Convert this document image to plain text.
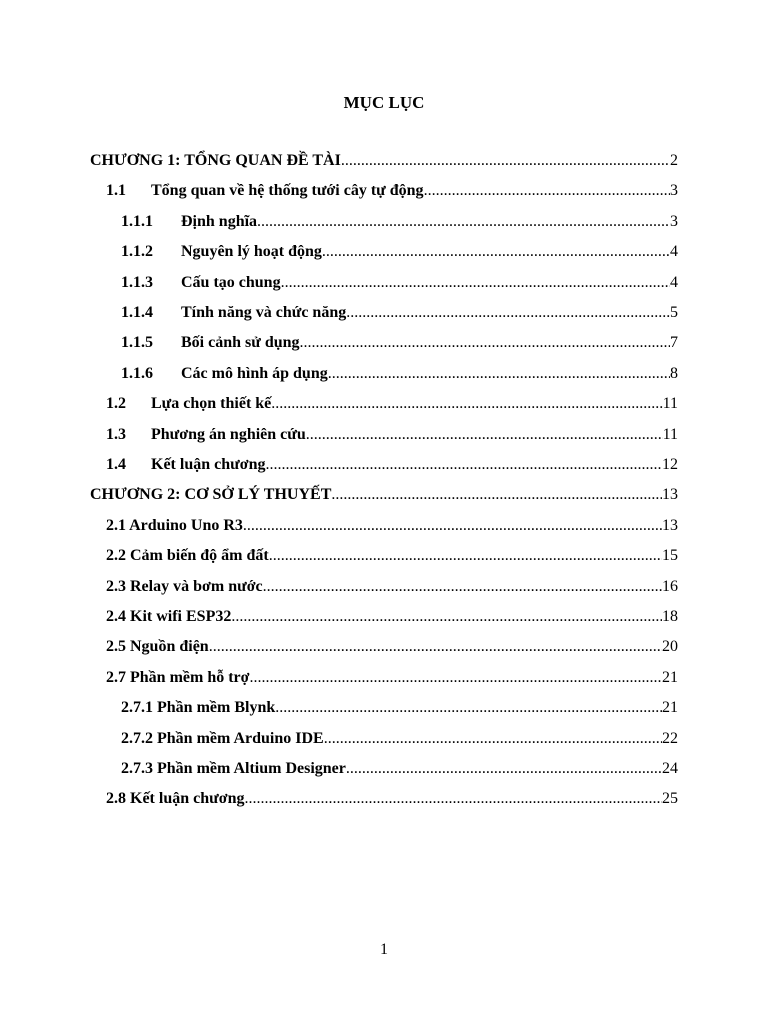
MỤC LỤC
CHƯƠNG 1: TỔNG QUAN ĐỀ TÀI .....	2
1.1	Tổng quan về hệ thống tưới cây tự động .....	3
1.1.1	Định nghĩa .....	3
1.1.2	Nguyên lý hoạt động .....	4
1.1.3	Cấu tạo chung .....	4
1.1.4	Tính năng và chức năng .....	5
1.1.5	Bối cảnh sử dụng .....	7
1.1.6	Các mô hình áp dụng .....	8
1.2	Lựa chọn thiết kế .....	11
1.3	Phương án nghiên cứu .....	11
1.4	Kết luận chương .....	12
CHƯƠNG 2: CƠ SỞ LÝ THUYẾT .....	13
2.1 Arduino Uno R3 .....	13
2.2 Cảm biến độ ẩm đất .....	15
2.3 Relay và bơm nước .....	16
2.4 Kit wifi ESP32 .....	18
2.5 Nguồn điện .....	20
2.7 Phần mềm hỗ trợ .....	21
2.7.1 Phần mềm Blynk .....	21
2.7.2 Phần mềm Arduino IDE .....	22
2.7.3 Phần mềm Altium Designer .....	24
2.8 Kết luận chương .....	25
1
